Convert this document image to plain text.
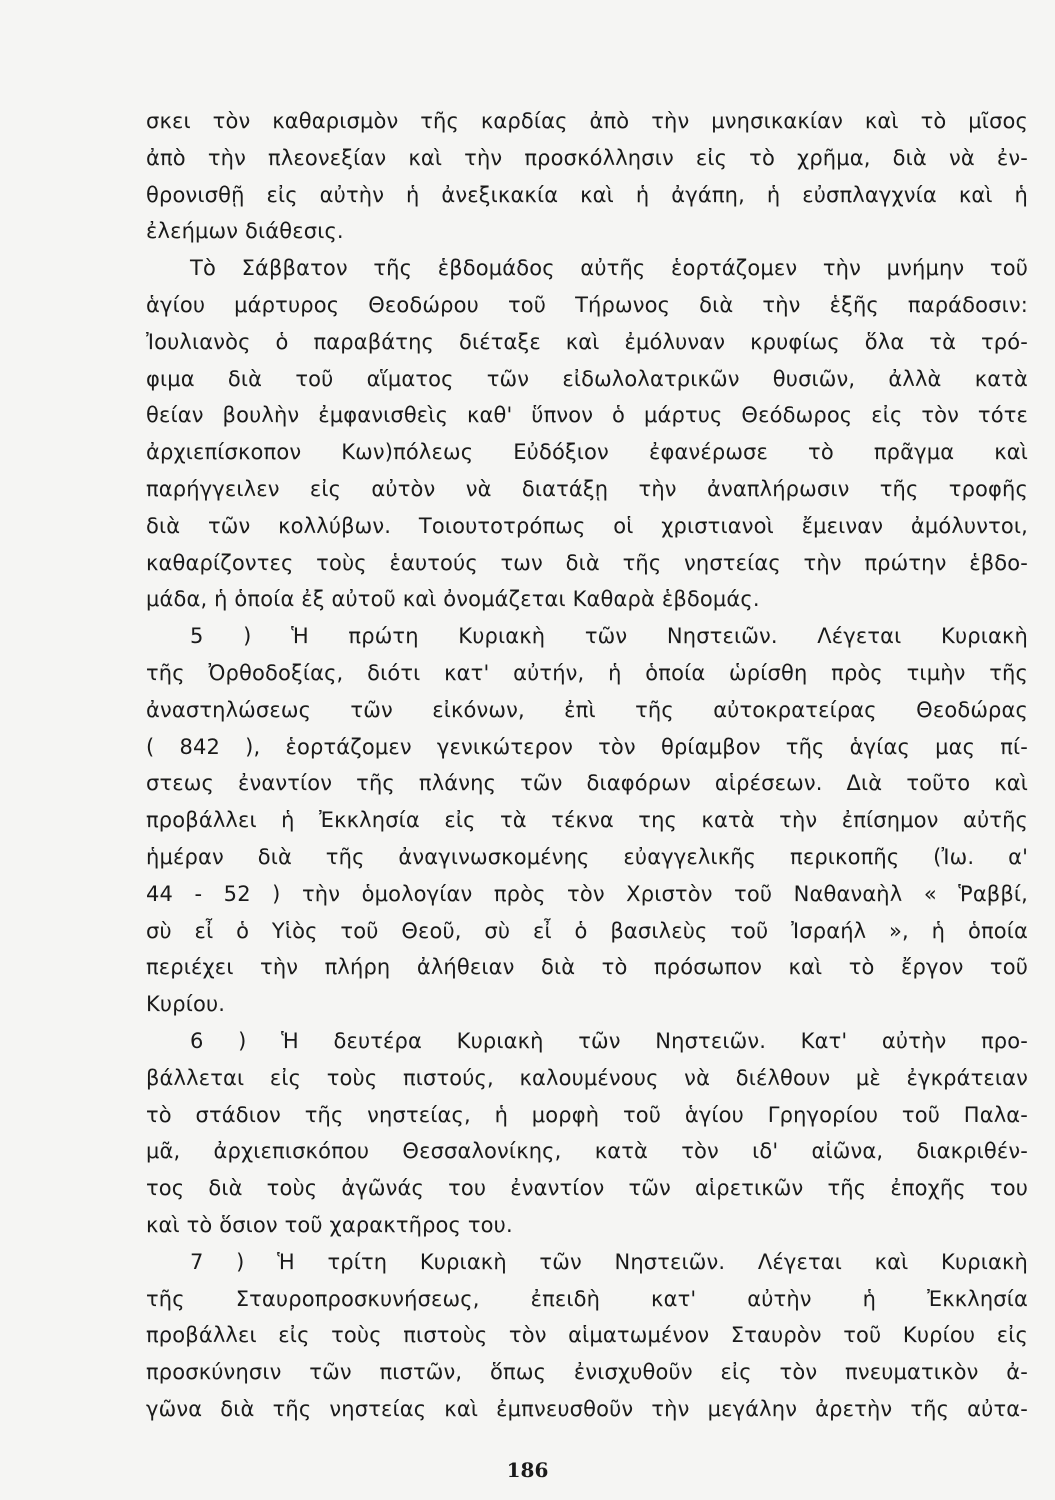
σκει τὸν καθαρισμὸν τῆς καρδίας ἀπὸ τὴν μνησικακίαν καὶ τὸ μῖσος
ἀπὸ τὴν πλεονεξίαν καὶ τὴν προσκόλλησιν εἰς τὸ χρῆμα, διὰ νὰ ἐν-
θρονισθῇ εἰς αὐτὴν ἡ ἀνεξικακία καὶ ἡ ἀγάπη, ἡ εὐσπλαγχνία καὶ ἡ
ἐλεήμων διάθεσις.
Τὸ Σάββατον τῆς ἑβδομάδος αὐτῆς ἑορτάζομεν τὴν μνήμην τοῦ
ἁγίου μάρτυρος Θεοδώρου τοῦ Τήρωνος διὰ τὴν ἑξῆς παράδοσιν:
Ἰουλιανὸς ὁ παραβάτης διέταξε καὶ ἐμόλυναν κρυφίως ὅλα τὰ τρό-
φιμα διὰ τοῦ αἵματος τῶν εἰδωλολατρικῶν θυσιῶν, ἀλλὰ κατὰ
θείαν βουλὴν ἐμφανισθεὶς καθ' ὕπνον ὁ μάρτυς Θεόδωρος εἰς τὸν τότε
ἀρχιεπίσκοπον Κων)πόλεως Εὐδόξιον ἐφανέρωσε τὸ πρᾶγμα καὶ
παρήγγειλεν εἰς αὐτὸν νὰ διατάξῃ τὴν ἀναπλήρωσιν τῆς τροφῆς
διὰ τῶν κολλύβων. Τοιουτοτρόπως οἱ χριστιανοὶ ἔμειναν ἀμόλυντοι,
καθαρίζοντες τοὺς ἑαυτούς των διὰ τῆς νηστείας τὴν πρώτην ἑβδο-
μάδα, ἡ ὁποία ἐξ αὐτοῦ καὶ ὀνομάζεται Καθαρὰ ἑβδομάς.
5 ) Ἡ πρώτη Κυριακὴ τῶν Νηστειῶν. Λέγεται Κυριακὴ
τῆς Ὀρθοδοξίας, διότι κατ' αὐτήν, ἡ ὁποία ὡρίσθη πρὸς τιμὴν τῆς
ἀναστηλώσεως τῶν εἰκόνων, ἐπὶ τῆς αὐτοκρατείρας Θεοδώρας
( 842 ), ἑορτάζομεν γενικώτερον τὸν θρίαμβον τῆς ἁγίας μας πί-
στεως ἐναντίον τῆς πλάνης τῶν διαφόρων αἱρέσεων. Διὰ τοῦτο καὶ
προβάλλει ἡ Ἐκκλησία εἰς τὰ τέκνα της κατὰ τὴν ἐπίσημον αὐτῆς
ἡμέραν διὰ τῆς ἀναγινωσκομένης εὐαγγελικῆς περικοπῆς (Ἰω. α'
44 - 52 ) τὴν ὁμολογίαν πρὸς τὸν Χριστὸν τοῦ Ναθαναὴλ « Ῥαββί,
σὺ εἶ ὁ Υἱὸς τοῦ Θεοῦ, σὺ εἶ ὁ βασιλεὺς τοῦ Ἰσραήλ », ἡ ὁποία
περιέχει τὴν πλήρη ἀλήθειαν διὰ τὸ πρόσωπον καὶ τὸ ἔργον τοῦ
Κυρίου.
6 ) Ἡ δευτέρα Κυριακὴ τῶν Νηστειῶν. Κατ' αὐτὴν προ-
βάλλεται εἰς τοὺς πιστούς, καλουμένους νὰ διέλθουν μὲ ἐγκράτειαν
τὸ στάδιον τῆς νηστείας, ἡ μορφὴ τοῦ ἁγίου Γρηγορίου τοῦ Παλα-
μᾶ, ἀρχιεπισκόπου Θεσσαλονίκης, κατὰ τὸν ιδ' αἰῶνα, διακριθέν-
τος διὰ τοὺς ἀγῶνάς του ἐναντίον τῶν αἱρετικῶν τῆς ἐποχῆς του
καὶ τὸ ὅσιον τοῦ χαρακτῆρος του.
7 ) Ἡ τρίτη Κυριακὴ τῶν Νηστειῶν. Λέγεται καὶ Κυριακὴ
τῆς Σταυροπροσκυνήσεως, ἐπειδὴ κατ' αὐτὴν ἡ Ἐκκλησία
προβάλλει εἰς τοὺς πιστοὺς τὸν αἱματωμένον Σταυρὸν τοῦ Κυρίου εἰς
προσκύνησιν τῶν πιστῶν, ὅπως ἐνισχυθοῦν εἰς τὸν πνευματικὸν ἀ-
γῶνα διὰ τῆς νηστείας καὶ ἐμπνευσθοῦν τὴν μεγάλην ἀρετὴν τῆς αὐτα-
186
